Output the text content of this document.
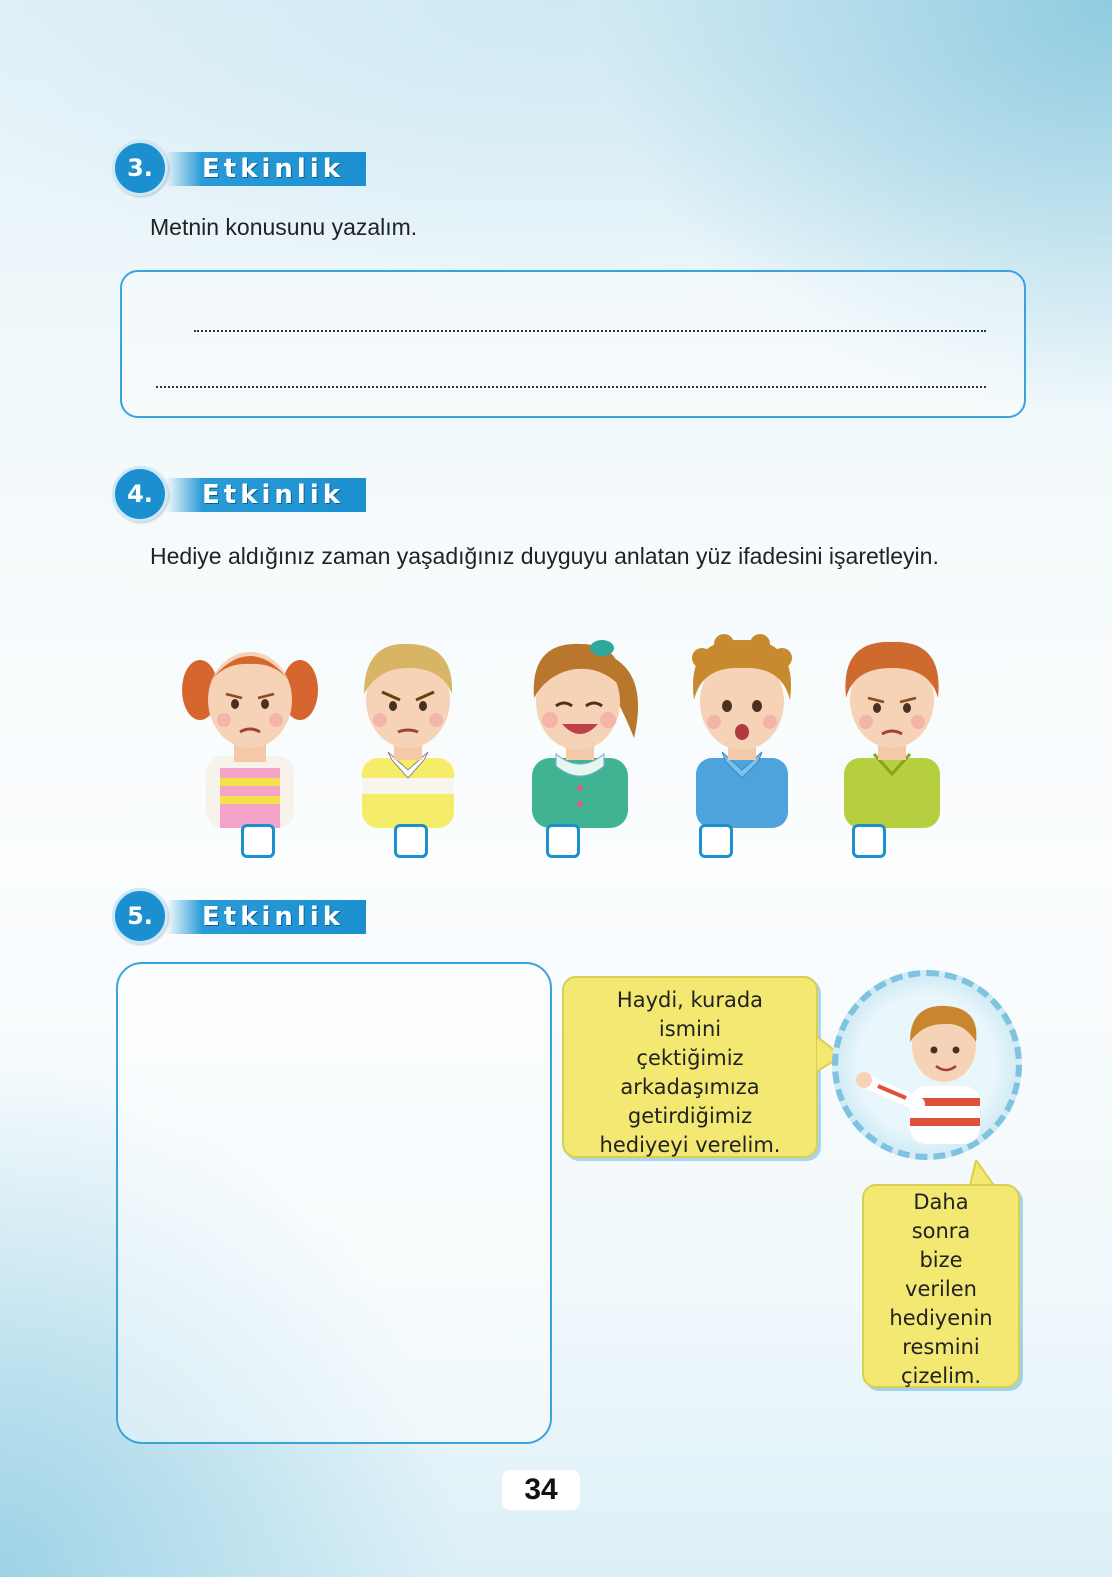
Etkinlik
3.
Metnin konusunu yazalım.
Etkinlik
4.
Hediye aldığınız zaman yaşadığınız duyguyu anlatan yüz ifadesini işaretleyin.
Etkinlik
5.
Haydi, kurada
ismini
çektiğimiz
arkadaşımıza
getirdiğimiz
hediyeyi verelim.
Daha
sonra
bize
verilen
hediyenin
resmini
çizelim.
34
